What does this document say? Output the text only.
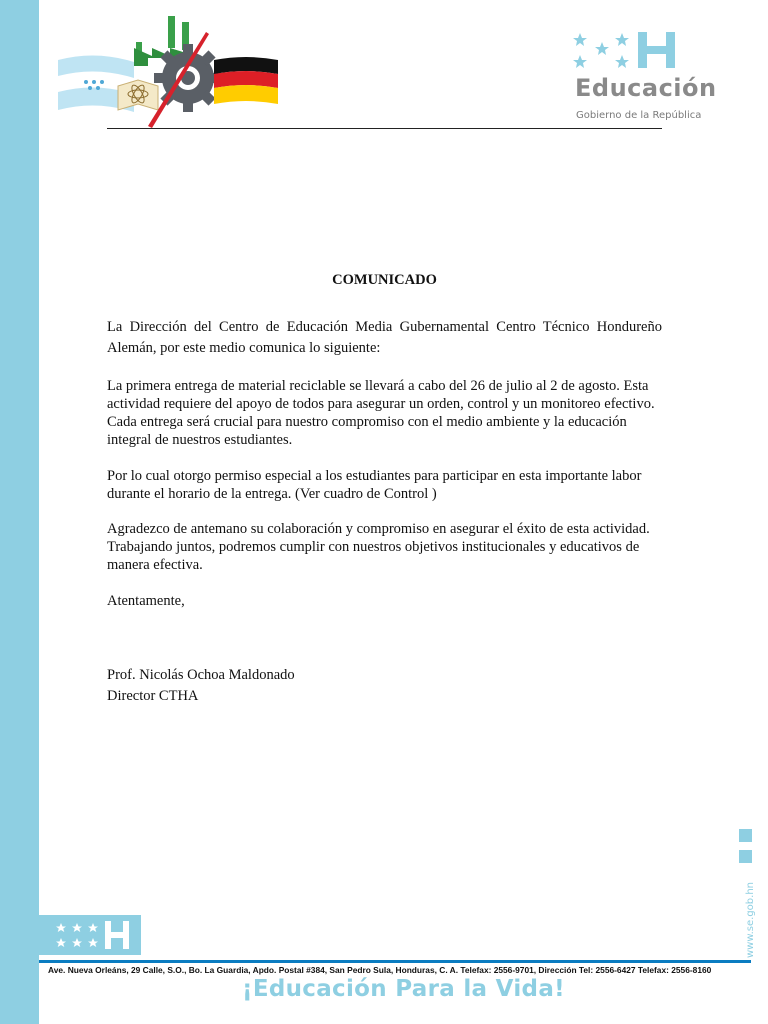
Educación
Gobierno de la República
COMUNICADO

La Dirección del Centro de Educación Media Gubernamental Centro Técnico Hondureño Alemán, por este medio comunica lo siguiente:

La primera entrega de material reciclable se llevará a cabo del 26 de julio al 2 de agosto. Esta actividad requiere del apoyo de todos para asegurar un orden, control y un monitoreo efectivo. Cada entrega será crucial para nuestro compromiso con el medio ambiente y la educación integral de nuestros estudiantes.

Por lo cual otorgo permiso especial a los estudiantes para participar en esta importante labor durante el horario de la entrega. (Ver cuadro de Control )

Agradezco de antemano su colaboración y compromiso en asegurar el éxito de esta actividad. Trabajando juntos, podremos cumplir con nuestros objetivos institucionales y educativos de manera efectiva.

Atentamente,

Prof. Nicolás Ochoa Maldonado

Director CTHA

www.se.gob.hn
Ave. Nueva Orleáns, 29 Calle, S.O., Bo. La Guardia, Apdo. Postal #384, San Pedro Sula, Honduras, C. A. Telefax: 2556-9701, Dirección Tel: 2556-6427 Telefax: 2556-8160
¡Educación Para la Vida!
